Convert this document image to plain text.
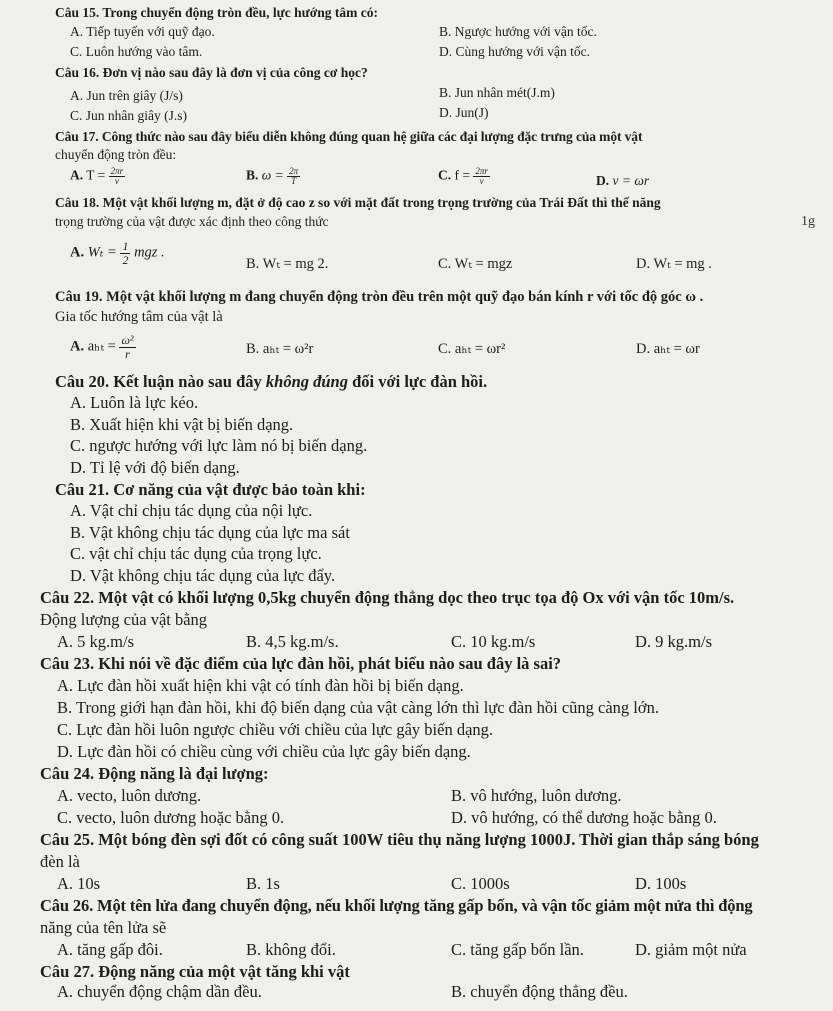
Câu 15. Trong chuyển động tròn đều, lực hướng tâm có:
A. Tiếp tuyến với quỹ đạo.	B. Ngược hướng với vận tốc.
C. Luôn hướng vào tâm.	D. Cùng hướng với vận tốc.
Câu 16. Đơn vị nào sau đây là đơn vị của công cơ học?
A. Jun trên giây (J/s)	B. Jun nhân mét(J.m)
C. Jun nhân giây (J.s)	D. Jun(J)
Câu 17. Công thức nào sau đây biểu diễn không đúng quan hệ giữa các đại lượng đặc trưng của một vật
chuyển động tròn đều:
A. $T = \frac{2\pi r}{v}$	B. $\omega = \frac{2\pi}{T}$	C. $f = \frac{2\pi r}{v}$	D. v = ωr
Câu 18. Một vật khối lượng m, đặt ở độ cao z so với mặt đất trong trọng trường của Trái Đất thì thế năng
trọng trường của vật được xác định theo công thức	1g
A. $W_t = \frac{1}{2}$ mgz .
B. Wₜ = mg 2.	C. Wₜ = mgz	D. Wₜ = mg .
Câu 19. Một vật khối lượng m đang chuyển động tròn đều trên một quỹ đạo bán kính r với tốc độ góc ω .
Gia tốc hướng tâm của vật là
A. $a_{ht} = \frac{\text{ω²}}{r}$	B. aₕₜ = ω²r	C. aₕₜ = ωr²	D. aₕₜ = ωr
Câu 20. Kết luận nào sau đây không đúng đối với lực đàn hồi.
A. Luôn là lực kéo.
B. Xuất hiện khi vật bị biến dạng.
C. ngược hướng với lực làm nó bị biến dạng.
D. Tỉ lệ với độ biến dạng.
Câu 21. Cơ năng của vật được bảo toàn khi:
A. Vật chỉ chịu tác dụng của nội lực.
B. Vật không chịu tác dụng của lực ma sát
C. vật chỉ chịu tác dụng của trọng lực.
D. Vật không chịu tác dụng của lực đẩy.
Câu 22. Một vật có khối lượng 0,5kg chuyển động thẳng dọc theo trục tọa độ Ox với vận tốc 10m/s.
Động lượng của vật bằng
A. 5 kg.m/s	B. 4,5 kg.m/s.	C. 10 kg.m/s	D. 9 kg.m/s
Câu 23. Khi nói về đặc điểm của lực đàn hồi, phát biểu nào sau đây là sai?
A. Lực đàn hồi xuất hiện khi vật có tính đàn hồi bị biến dạng.
B. Trong giới hạn đàn hồi, khi độ biến dạng của vật càng lớn thì lực đàn hồi cũng càng lớn.
C. Lực đàn hồi luôn ngược chiều với chiều của lực gây biến dạng.
D. Lực đàn hồi có chiều cùng với chiều của lực gây biến dạng.
Câu 24. Động năng là đại lượng:
A. vecto, luôn dương.	B. vô hướng, luôn dương.
C. vecto, luôn dương hoặc bằng 0.	D. vô hướng, có thể dương hoặc bằng 0.
Câu 25. Một bóng đèn sợi đốt có công suất 100W tiêu thụ năng lượng 1000J. Thời gian thắp sáng bóng
đèn là
A. 10s	B. 1s	C. 1000s	D. 100s
Câu 26. Một tên lửa đang chuyển động, nếu khối lượng tăng gấp bốn, và vận tốc giảm một nửa thì động
năng của tên lửa sẽ
A. tăng gấp đôi.	B. không đổi.	C. tăng gấp bốn lần.	D. giảm một nửa
Câu 27. Động năng của một vật tăng khi vật
A. chuyển động chậm dần đều.	B. chuyển động thẳng đều.
